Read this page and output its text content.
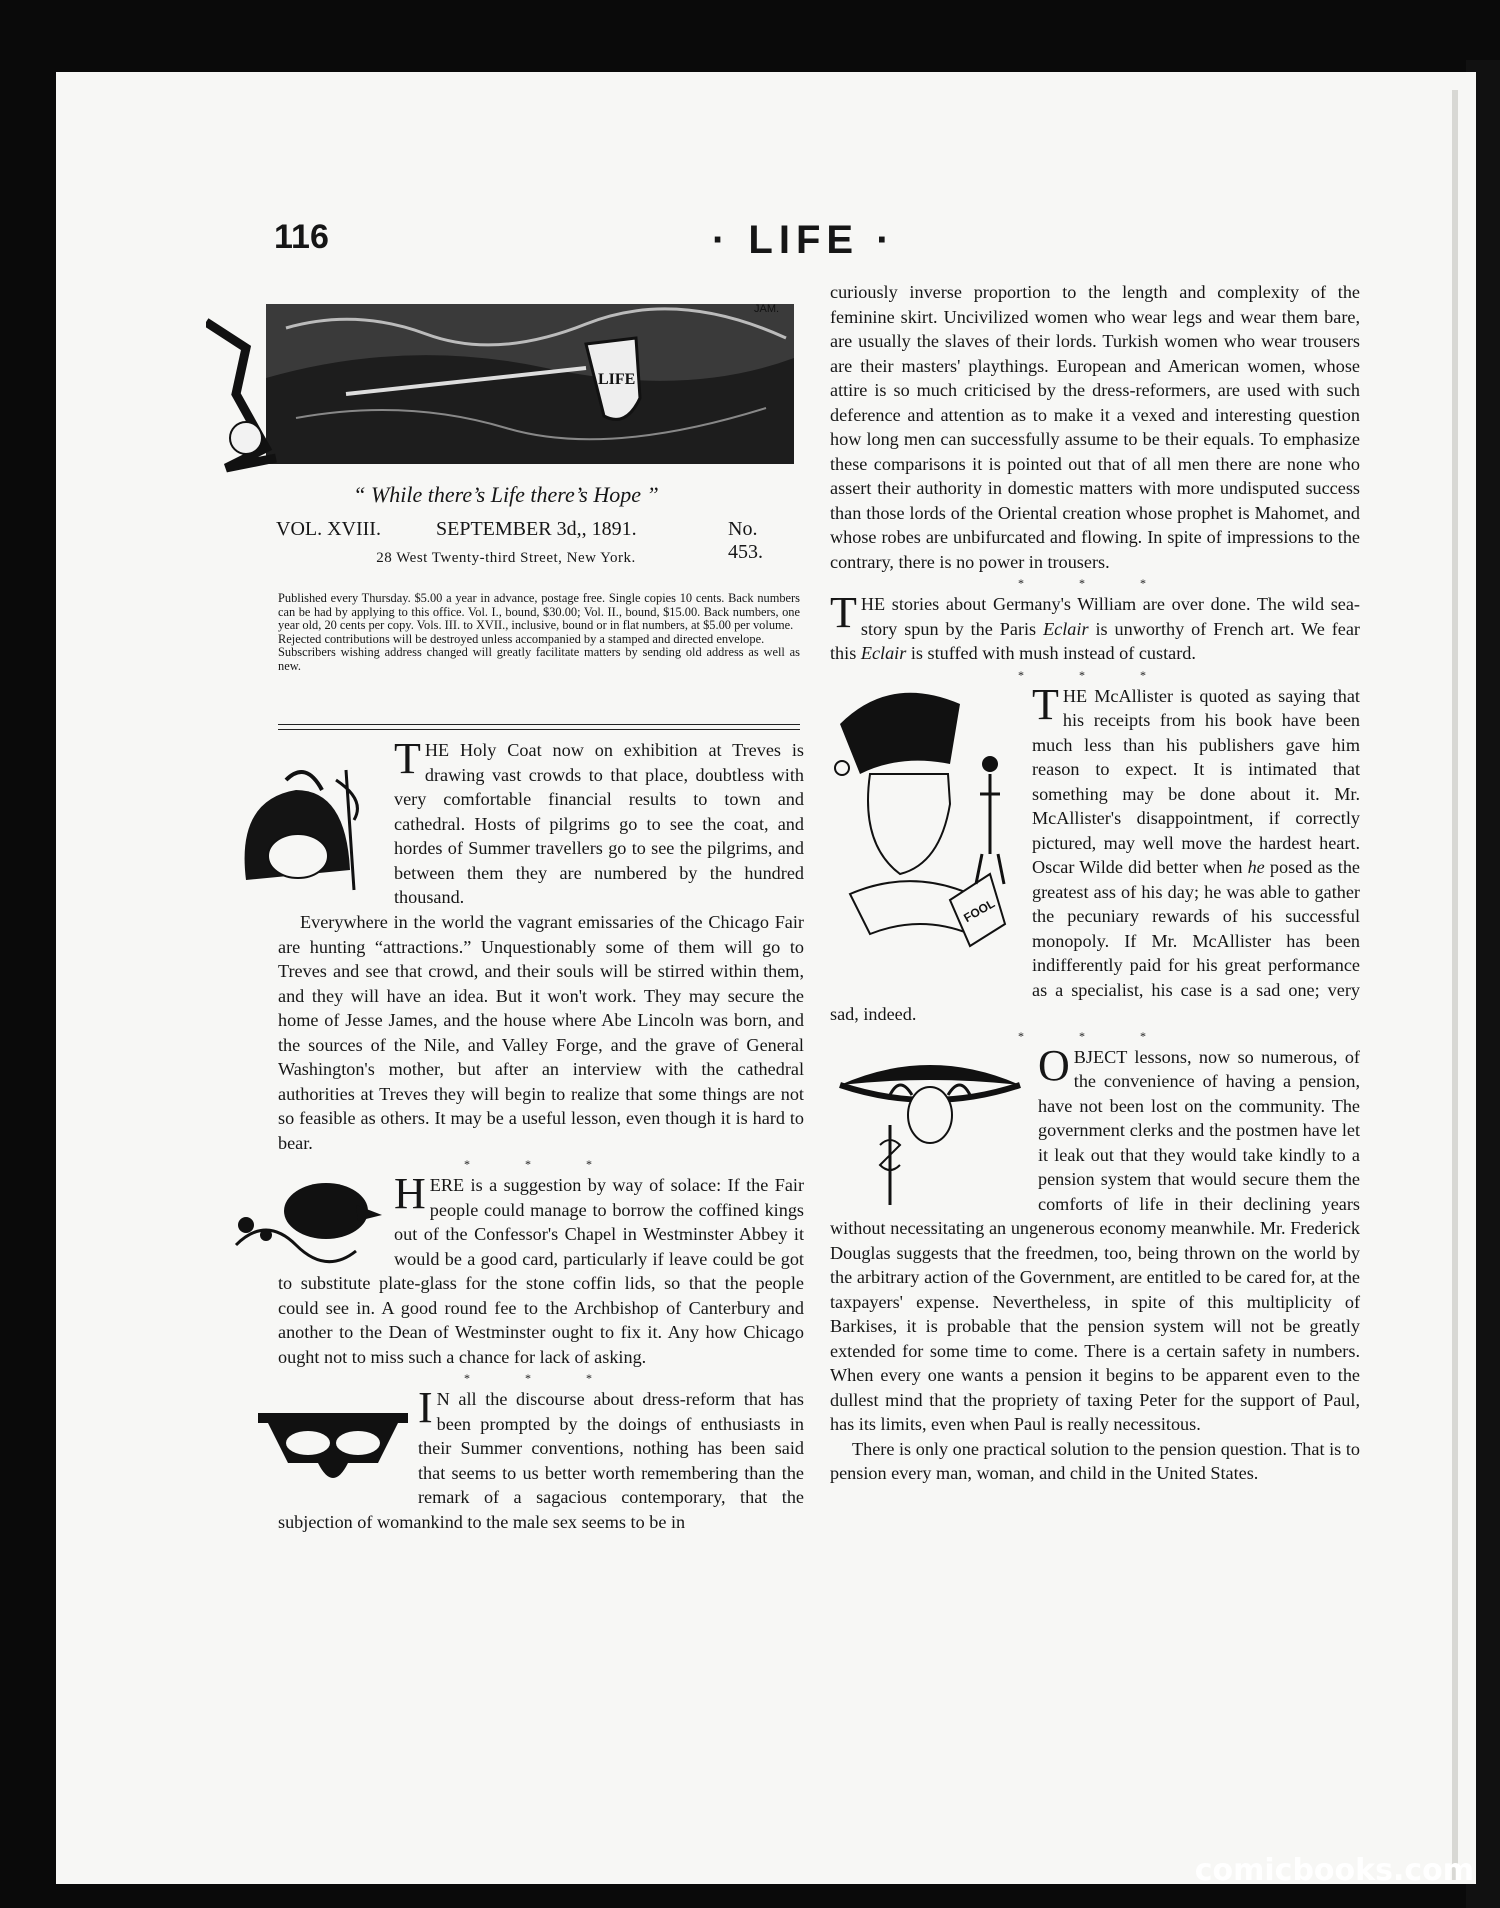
116	· LIFE ·
LIFE
JAM.
“ While there’s Life there’s Hope ”
VOL. XVIII.	SEPTEMBER 3d,, 1891.	No. 453.
28 West Twenty-third Street, New York.
Published every Thursday. $5.00 a year in advance, postage free. Single copies 10 cents. Back numbers can be had by applying to this office. Vol. I., bound, $30.00; Vol. II., bound, $15.00. Back numbers, one year old, 20 cents per copy. Vols. III. to XVII., inclusive, bound or in flat numbers, at $5.00 per volume.
Rejected contributions will be destroyed unless accompanied by a stamped and directed envelope.
Subscribers wishing address changed will greatly facilitate matters by sending old address as well as new.

THE Holy Coat now on exhibition at Treves is drawing vast crowds to that place, doubtless with very comfortable financial results to town and cathedral. Hosts of pilgrims go to see the coat, and hordes of Summer travellers go to see the pilgrims, and between them they are numbered by the hundred thousand.

Everywhere in the world the vagrant emissaries of the Chicago Fair are hunting “attractions.” Unquestionably some of them will go to Treves and see that crowd, and their souls will be stirred within them, and they will have an idea. But it won't work. They may secure the home of Jesse James, and the house where Abe Lincoln was born, and the sources of the Nile, and Valley Forge, and the grave of General Washington's mother, but after an interview with the cathedral authorities at Treves they will begin to realize that some things are not so feasible as others. It may be a useful lesson, even though it is hard to bear.

* * *

HERE is a suggestion by way of solace: If the Fair people could manage to borrow the coffined kings out of the Confessor's Chapel in Westminster Abbey it would be a good card, particularly if leave could be got to substitute plate-glass for the stone coffin lids, so that the people could see in. A good round fee to the Archbishop of Canterbury and another to the Dean of Westminster ought to fix it. Any how Chicago ought not to miss such a chance for lack of asking.

* * *

I N all the discourse about dress-reform that has been prompted by the doings of enthusiasts in their Summer conventions, nothing has been said that seems to us better worth remembering than the remark of a sagacious contemporary, that the subjection of womankind to the male sex seems to be in

curiously inverse proportion to the length and complexity of the feminine skirt. Uncivilized women who wear legs and wear them bare, are usually the slaves of their lords. Turkish women who wear trousers are their masters' playthings. European and American women, whose attire is so much criticised by the dress-reformers, are used with such deference and attention as to make it a vexed and interesting question how long men can successfully assume to be their equals. To emphasize these comparisons it is pointed out that of all men there are none who assert their authority in domestic matters with more undisputed success than those lords of the Oriental creation whose prophet is Mahomet, and whose robes are unbifurcated and flowing. In spite of impressions to the contrary, there is no power in trousers.

* * *

THE stories about Germany's William are over done. The wild sea-story spun by the Paris Eclair is unworthy of French art. We fear this Eclair is stuffed with mush instead of custard.

* * *
FOOL

THE McAllister is quoted as saying that his receipts from his book have been much less than his publishers gave him reason to expect. It is intimated that something may be done about it. Mr. McAllister's disappointment, if correctly pictured, may well move the hardest heart. Oscar Wilde did better when he posed as the greatest ass of his day; he was able to gather the pecuniary rewards of his successful monopoly. If Mr. McAllister has been indifferently paid for his great performance as a specialist, his case is a sad one; very sad, indeed.

* * *

OBJECT lessons, now so numerous, of the convenience of having a pension, have not been lost on the community. The government clerks and the postmen have let it leak out that they would take kindly to a pension system that would secure them the comforts of life in their declining years without necessitating an ungenerous economy meanwhile. Mr. Frederick Douglas suggests that the freedmen, too, being thrown on the world by the arbitrary action of the Government, are entitled to be cared for, at the taxpayers' expense. Nevertheless, in spite of this multiplicity of Barkises, it is probable that the pension system will not be greatly extended for some time to come. There is a certain safety in numbers. When every one wants a pension it begins to be apparent even to the dullest mind that the propriety of taxing Peter for the support of Paul, has its limits, even when Paul is really necessitous.

There is only one practical solution to the pension question. That is to pension every man, woman, and child in the United States.

comicbooks.com
